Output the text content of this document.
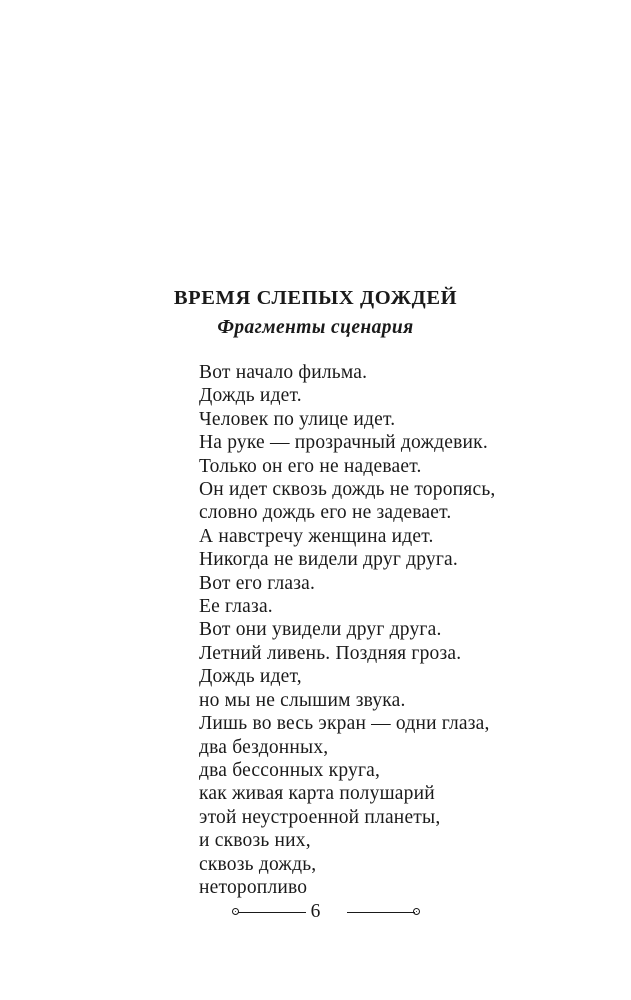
ВРЕМЯ СЛЕПЫХ ДОЖДЕЙ
Фрагменты сценария
Вот начало фильма.
Дождь идет.
Человек по улице идет.
На руке — прозрачный дождевик.
Только он его не надевает.
Он идет сквозь дождь не торопясь,
словно дождь его не задевает.
А навстречу женщина идет.
Никогда не видели друг друга.
Вот его глаза.
Ее глаза.
Вот они увидели друг друга.
Летний ливень. Поздняя гроза.
Дождь идет,
но мы не слышим звука.
Лишь во весь экран — одни глаза,
два бездонных,
два бессонных круга,
как живая карта полушарий
этой неустроенной планеты,
и сквозь них,
сквозь дождь,
неторопливо
6
